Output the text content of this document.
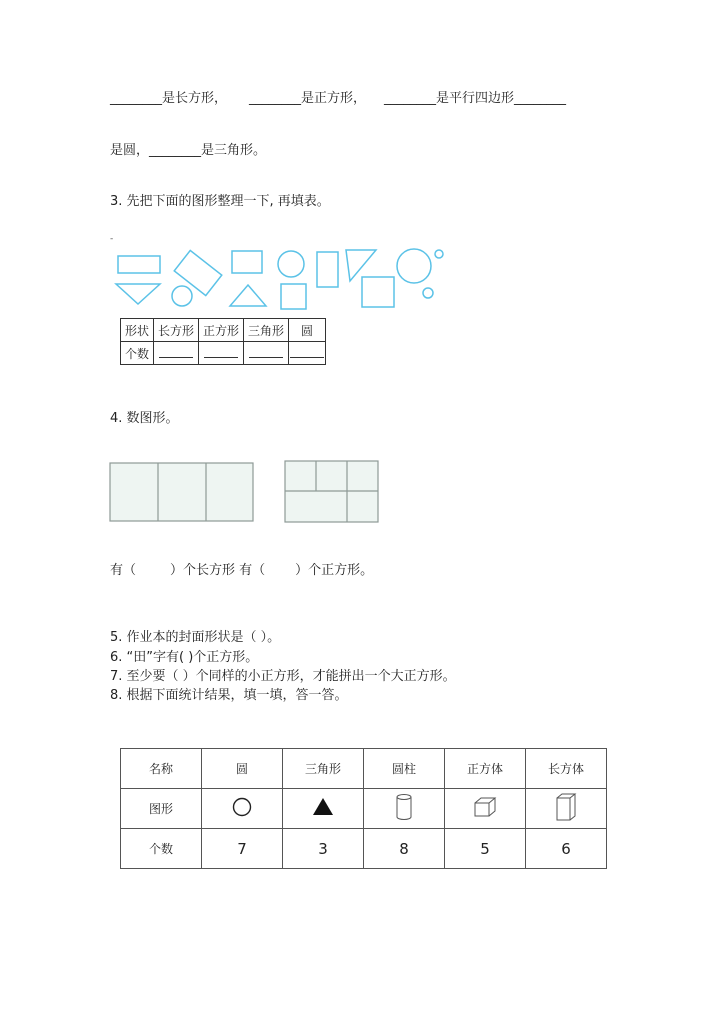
________是长方形， ________是正方形， ________是平行四边形________
是圆，________是三角形。
3. 先把下面的图形整理一下, 再填表。
-
形状	长方形	正方形	三角形	圆
个数				
4. 数图形。
有（	）个长方形 有（ ）个正方形。
5. 作业本的封面形状是（ ）。
6. “田”字有( )个正方形。
7. 至少要（ ）个同样的小正方形，才能拼出一个大正方形。
8. 根据下面统计结果，填一填，答一答。
名称	圆	三角形	圆柱	正方体	长方体
图形					
个数	7	3	8	5	6
